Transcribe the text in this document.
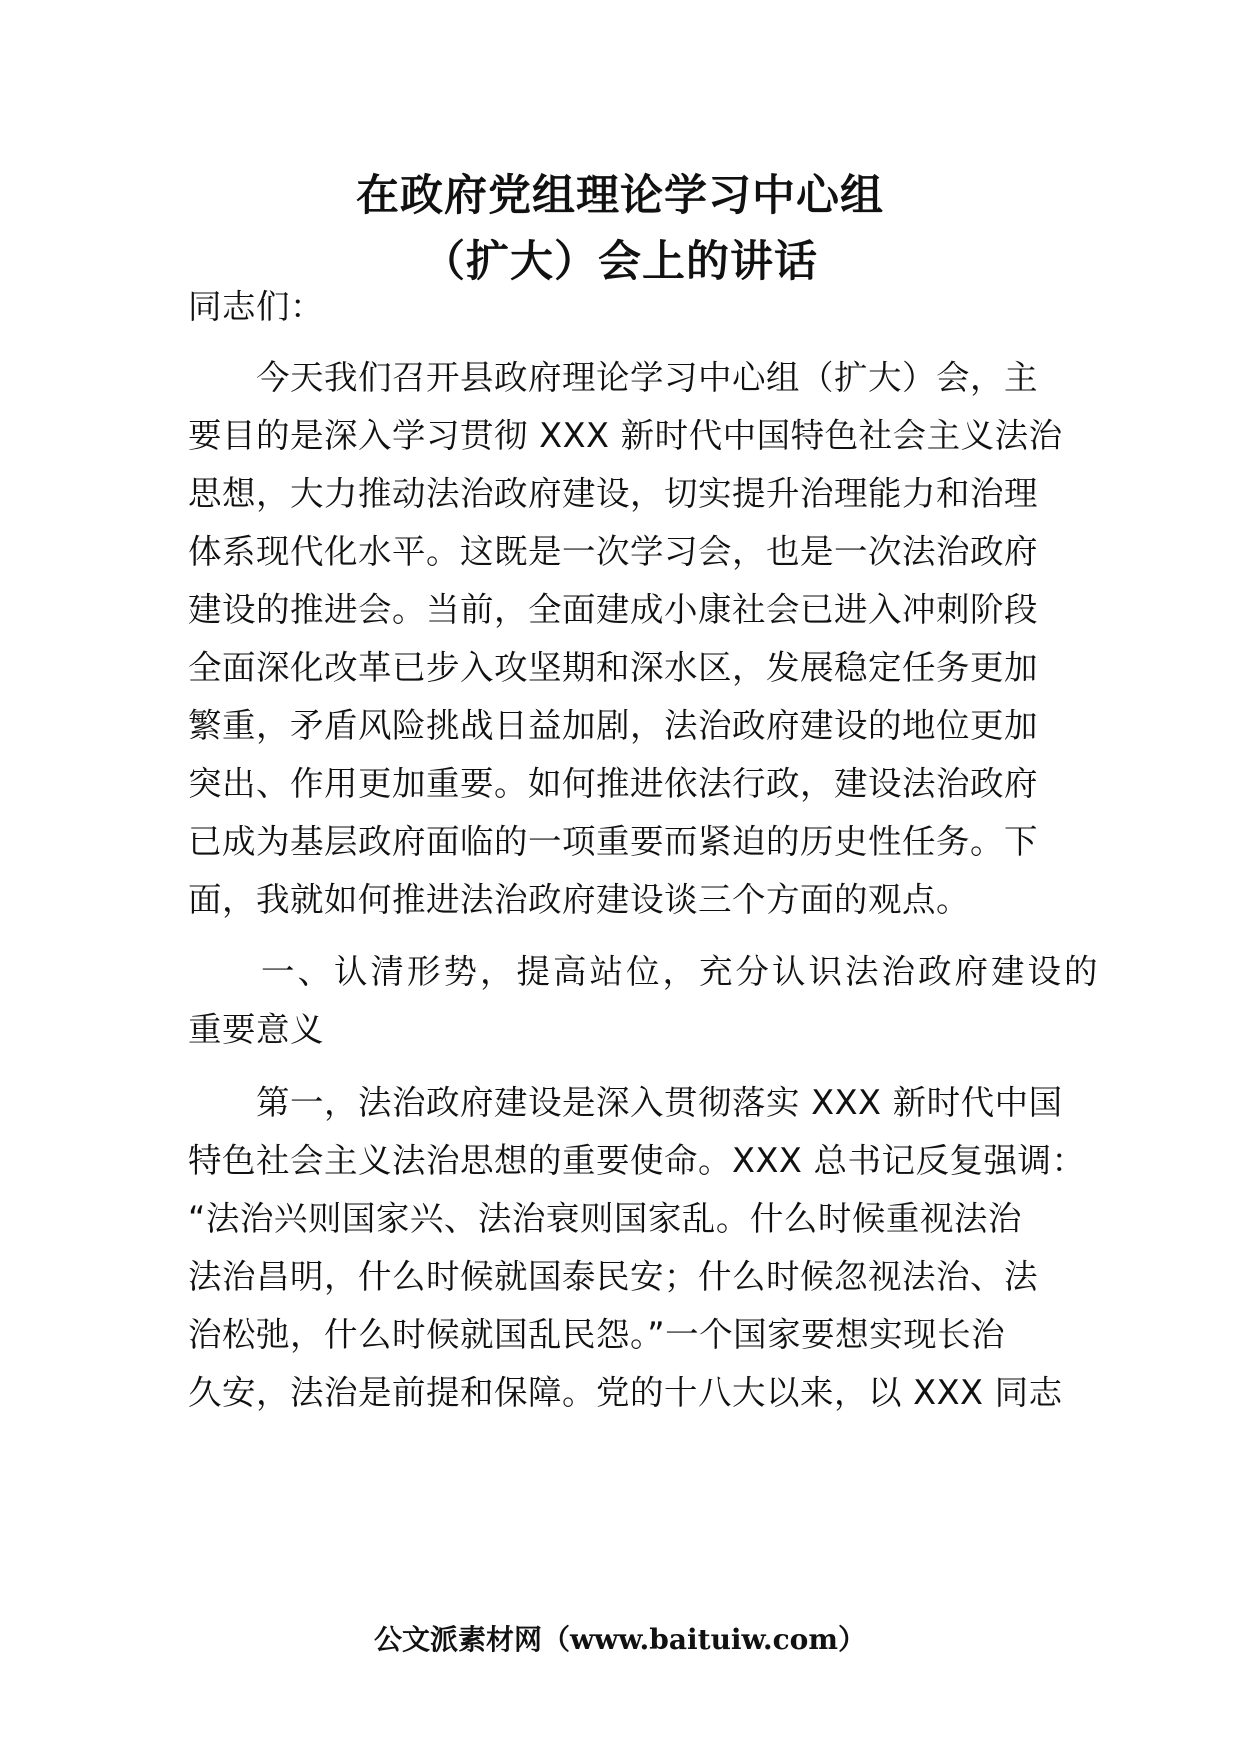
在政府党组理论学习中心组
（扩大）会上的讲话
同志们：
　　今天我们召开县政府理论学习中心组（扩大）会，主
要目的是深入学习贯彻 XXX 新时代中国特色社会主义法治
思想，大力推动法治政府建设，切实提升治理能力和治理
体系现代化水平。这既是一次学习会，也是一次法治政府
建设的推进会。当前，全面建成小康社会已进入冲刺阶段
全面深化改革已步入攻坚期和深水区，发展稳定任务更加
繁重，矛盾风险挑战日益加剧，法治政府建设的地位更加
突出、作用更加重要。如何推进依法行政，建设法治政府
已成为基层政府面临的一项重要而紧迫的历史性任务。下
面，我就如何推进法治政府建设谈三个方面的观点。
　　一、认清形势，提高站位，充分认识法治政府建设的
重要意义
　　第一，法治政府建设是深入贯彻落实 XXX 新时代中国
特色社会主义法治思想的重要使命。XXX 总书记反复强调：
“法治兴则国家兴、法治衰则国家乱。什么时候重视法治
法治昌明，什么时候就国泰民安；什么时候忽视法治、法
治松弛，什么时候就国乱民怨。”一个国家要想实现长治
久安，法治是前提和保障。党的十八大以来，以 XXX 同志
公文派素材网（www.baituiw.com）
